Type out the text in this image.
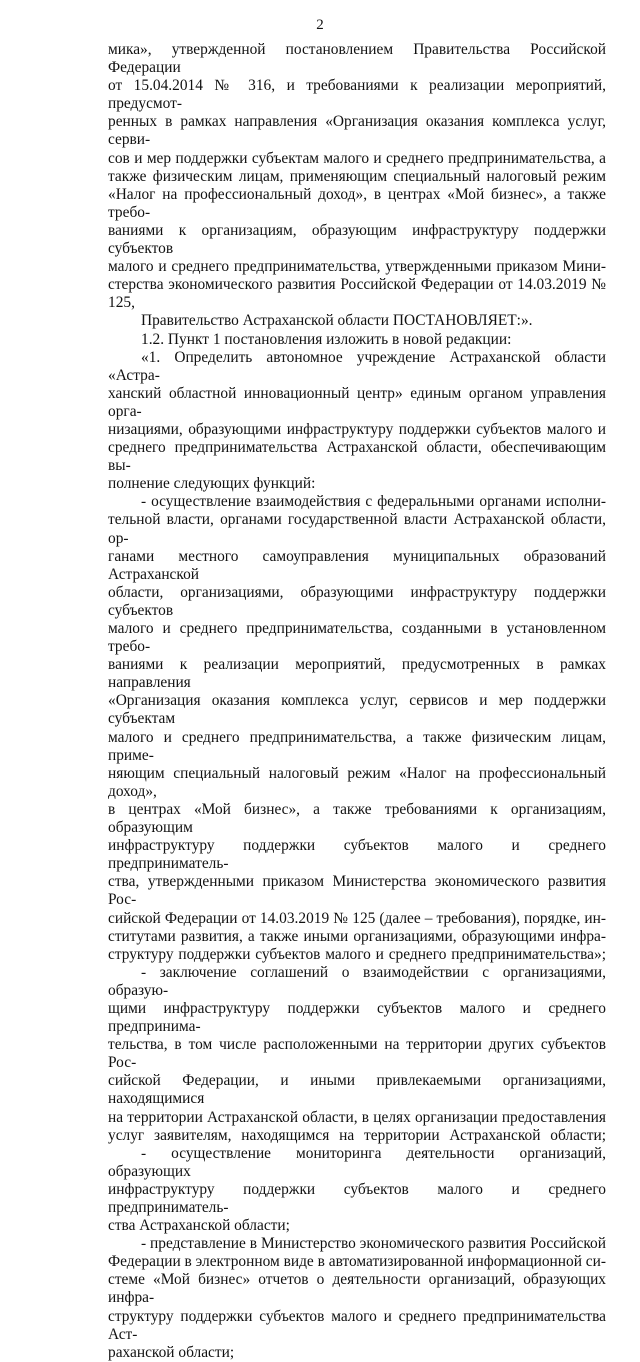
2

мика», утвержденной постановлением Правительства Российской Федерации
от 15.04.2014 № 316, и требованиями к реализации мероприятий, предусмот-
ренных в рамках направления «Организация оказания комплекса услуг, серви-
сов и мер поддержки субъектам малого и среднего предпринимательства, а
также физическим лицам, применяющим специальный налоговый режим
«Налог на профессиональный доход», в центрах «Мой бизнес», а также требо-
ваниями к организациям, образующим инфраструктуру поддержки субъектов
малого и среднего предпринимательства, утвержденными приказом Мини-
стерства экономического развития Российской Федерации от 14.03.2019 № 125,

Правительство Астраханской области ПОСТАНОВЛЯЕТ:».

1.2. Пункт 1 постановления изложить в новой редакции:

«1. Определить автономное учреждение Астраханской области «Астра-
ханский областной инновационный центр» единым органом управления орга-
низациями, образующими инфраструктуру поддержки субъектов малого и
среднего предпринимательства Астраханской области, обеспечивающим вы-
полнение следующих функций:

- осуществление взаимодействия с федеральными органами исполни-
тельной власти, органами государственной власти Астраханской области, ор-
ганами местного самоуправления муниципальных образований Астраханской
области, организациями, образующими инфраструктуру поддержки субъектов
малого и среднего предпринимательства, созданными в установленном требо-
ваниями к реализации мероприятий, предусмотренных в рамках направления
«Организация оказания комплекса услуг, сервисов и мер поддержки субъектам
малого и среднего предпринимательства, а также физическим лицам, приме-
няющим специальный налоговый режим «Налог на профессиональный доход»,
в центрах «Мой бизнес», а также требованиями к организациям, образующим
инфраструктуру поддержки субъектов малого и среднего предприниматель-
ства, утвержденными приказом Министерства экономического развития Рос-
сийской Федерации от 14.03.2019 № 125 (далее – требования), порядке, ин-
ститутами развития, а также иными организациями, образующими инфра-
структуру поддержки субъектов малого и среднего предпринимательства»;

- заключение соглашений о взаимодействии с организациями, образую-
щими инфраструктуру поддержки субъектов малого и среднего предпринима-
тельства, в том числе расположенными на территории других субъектов Рос-
сийской Федерации, и иными привлекаемыми организациями, находящимися
на территории Астраханской области, в целях организации предоставления
услуг заявителям, находящимся на территории Астраханской области;

- осуществление мониторинга деятельности организаций, образующих
инфраструктуру поддержки субъектов малого и среднего предприниматель-
ства Астраханской области;

- представление в Министерство экономического развития Российской
Федерации в электронном виде в автоматизированной информационной си-
стеме «Мой бизнес» отчетов о деятельности организаций, образующих инфра-
структуру поддержки субъектов малого и среднего предпринимательства Аст-
раханской области;
